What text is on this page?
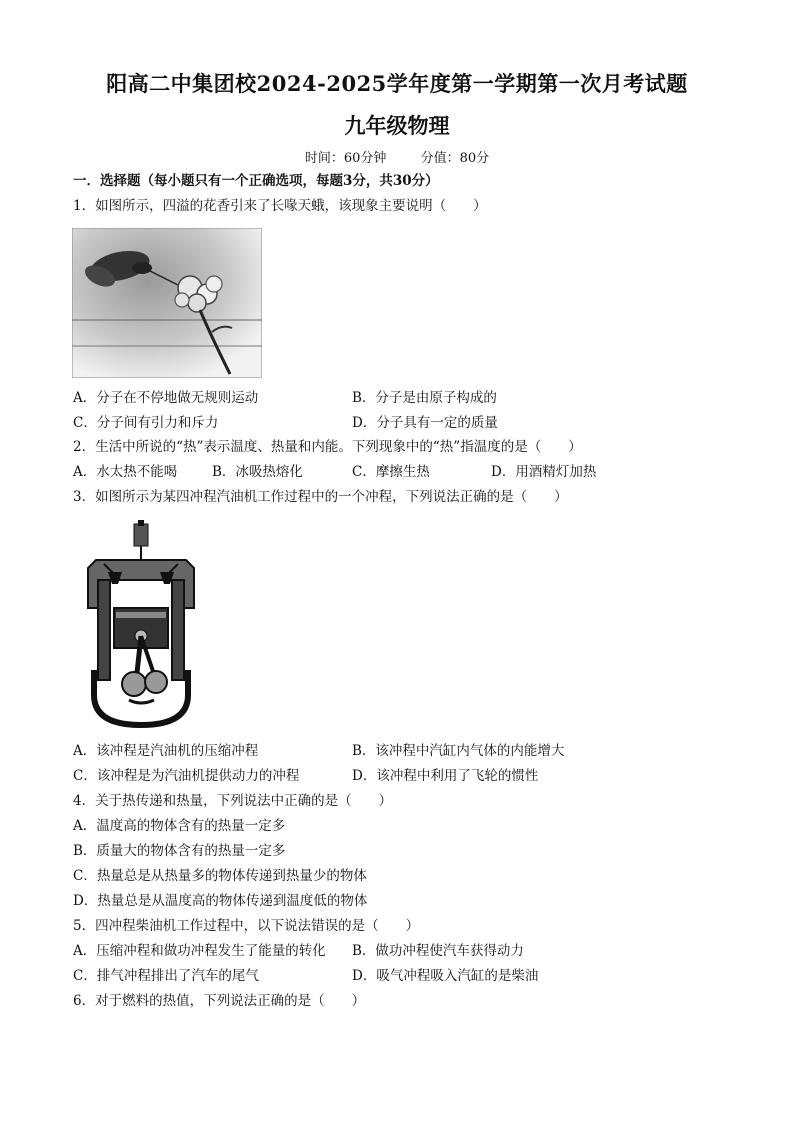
阳高二中集团校2024-2025学年度第一学期第一次月考试题
九年级物理
时间：60分钟	分值：80分
一．选择题（每小题只有一个正确选项，每题3分，共30分）
1．如图所示，四溢的花香引来了长喙天蛾，该现象主要说明（　　）
A．分子在不停地做无规则运动	B．分子是由原子构成的
C．分子间有引力和斥力	D．分子具有一定的质量
2．生活中所说的“热”表示温度、热量和内能。下列现象中的“热”指温度的是（　　）
A．水太热不能喝	B．冰吸热熔化	C．摩擦生热	D．用酒精灯加热
3．如图所示为某四冲程汽油机工作过程中的一个冲程，下列说法正确的是（　　）
A．该冲程是汽油机的压缩冲程	B．该冲程中汽缸内气体的内能增大
C．该冲程是为汽油机提供动力的冲程	D．该冲程中利用了飞轮的惯性
4．关于热传递和热量，下列说法中正确的是（　　）
A．温度高的物体含有的热量一定多
B．质量大的物体含有的热量一定多
C．热量总是从热量多的物体传递到热量少的物体
D．热量总是从温度高的物体传递到温度低的物体
5．四冲程柴油机工作过程中，以下说法错误的是（　　）
A．压缩冲程和做功冲程发生了能量的转化 B．做功冲程使汽车获得动力
C．排气冲程排出了汽车的尾气	D．吸气冲程吸入汽缸的是柴油
6．对于燃料的热值，下列说法正确的是（　　）
